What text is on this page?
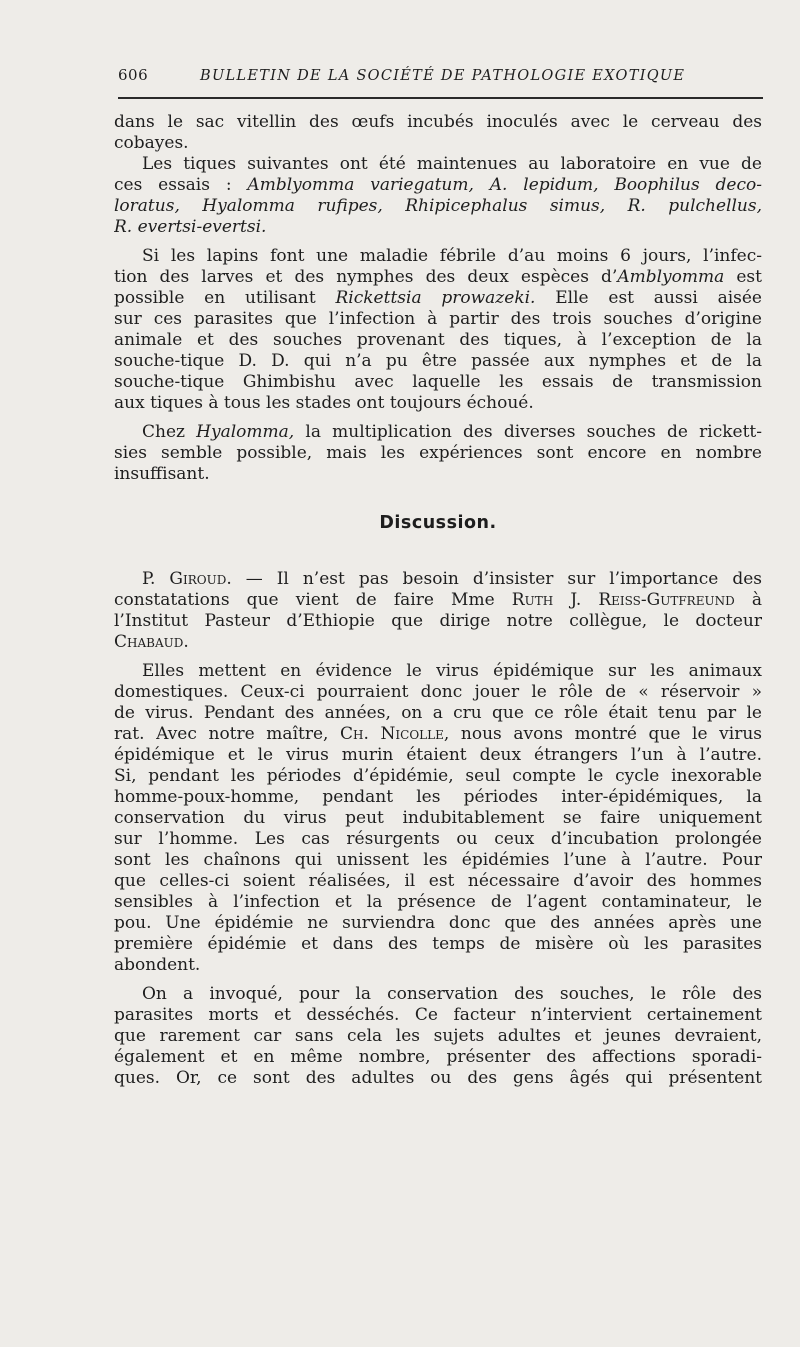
606	BULLETIN DE LA SOCIÉTÉ DE PATHOLOGIE EXOTIQUE
dans le sac vitellin des œufs incubés inoculés avec le cerveau des
cobayes.
Les tiques suivantes ont été maintenues au laboratoire en vue de
ces essais : Amblyomma variegatum, A. lepidum, Boophilus deco-
loratus, Hyalomma rufipes, Rhipicephalus simus, R. pulchellus,
R. evertsi-evertsi.
Si les lapins font une maladie fébrile d’au moins 6 jours, l’infec-
tion des larves et des nymphes des deux espèces d’Amblyomma est
possible en utilisant Rickettsia prowazeki. Elle est aussi aisée
sur ces parasites que l’infection à partir des trois souches d’origine
animale et des souches provenant des tiques, à l’exception de la
souche-tique D. D. qui n’a pu être passée aux nymphes et de la
souche-tique Ghimbishu avec laquelle les essais de transmission
aux tiques à tous les stades ont toujours échoué.
Chez Hyalomma, la multiplication des diverses souches de rickett-
sies semble possible, mais les expériences sont encore en nombre
insuffisant.
Discussion.
P. Giroud. — Il n’est pas besoin d’insister sur l’importance des
constatations que vient de faire Mme Ruth J. Reiss-Gutfreund à
l’Institut Pasteur d’Ethiopie que dirige notre collègue, le docteur
Chabaud.
Elles mettent en évidence le virus épidémique sur les animaux
domestiques. Ceux-ci pourraient donc jouer le rôle de « réservoir »
de virus. Pendant des années, on a cru que ce rôle était tenu par le
rat. Avec notre maître, Ch. Nicolle, nous avons montré que le virus
épidémique et le virus murin étaient deux étrangers l’un à l’autre.
Si, pendant les périodes d’épidémie, seul compte le cycle inexorable
homme-poux-homme, pendant les périodes inter-épidémiques, la
conservation du virus peut indubitablement se faire uniquement
sur l’homme. Les cas résurgents ou ceux d’incubation prolongée
sont les chaînons qui unissent les épidémies l’une à l’autre. Pour
que celles-ci soient réalisées, il est nécessaire d’avoir des hommes
sensibles à l’infection et la présence de l’agent contaminateur, le
pou. Une épidémie ne surviendra donc que des années après une
première épidémie et dans des temps de misère où les parasites
abondent.
On a invoqué, pour la conservation des souches, le rôle des
parasites morts et desséchés. Ce facteur n’intervient certainement
que rarement car sans cela les sujets adultes et jeunes devraient,
également et en même nombre, présenter des affections sporadi-
ques. Or, ce sont des adultes ou des gens âgés qui présentent
